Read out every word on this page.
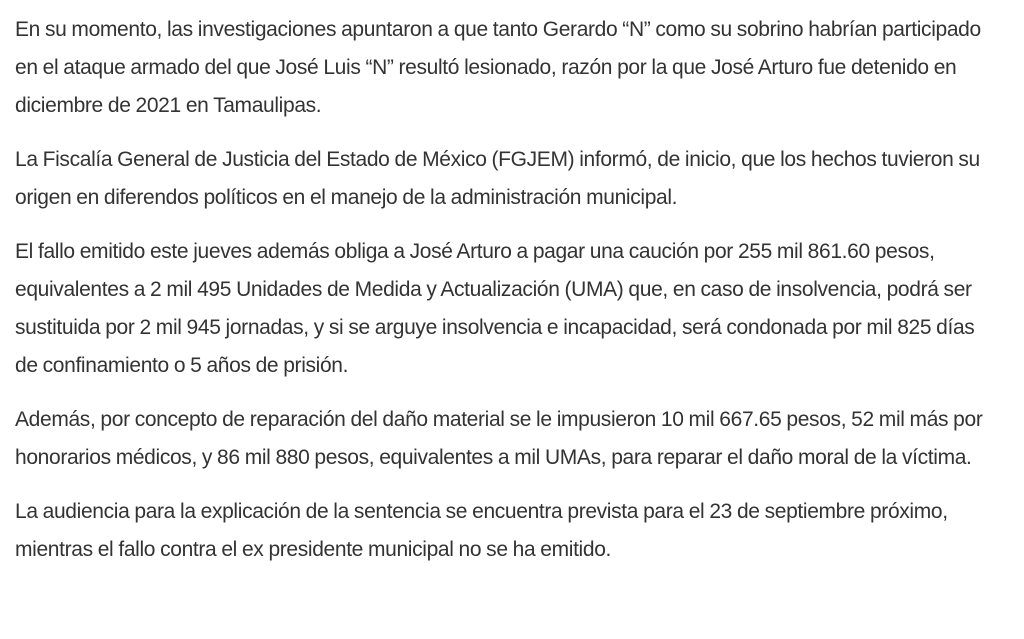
En su momento, las investigaciones apuntaron a que tanto Gerardo “N” como su sobrino habrían participado en el ataque armado del que José Luis “N” resultó lesionado, razón por la que José Arturo fue detenido en diciembre de 2021 en Tamaulipas.

La Fiscalía General de Justicia del Estado de México (FGJEM) informó, de inicio, que los hechos tuvieron su origen en diferendos políticos en el manejo de la administración municipal.

El fallo emitido este jueves además obliga a José Arturo a pagar una caución por 255 mil 861.60 pesos, equivalentes a 2 mil 495 Unidades de Medida y Actualización (UMA) que, en caso de insolvencia, podrá ser sustituida por 2 mil 945 jornadas, y si se arguye insolvencia e incapacidad, será condonada por mil 825 días de confinamiento o 5 años de prisión.

Además, por concepto de reparación del daño material se le impusieron 10 mil 667.65 pesos, 52 mil más por honorarios médicos, y 86 mil 880 pesos, equivalentes a mil UMAs, para reparar el daño moral de la víctima.

La audiencia para la explicación de la sentencia se encuentra prevista para el 23 de septiembre próximo, mientras el fallo contra el ex presidente municipal no se ha emitido.
